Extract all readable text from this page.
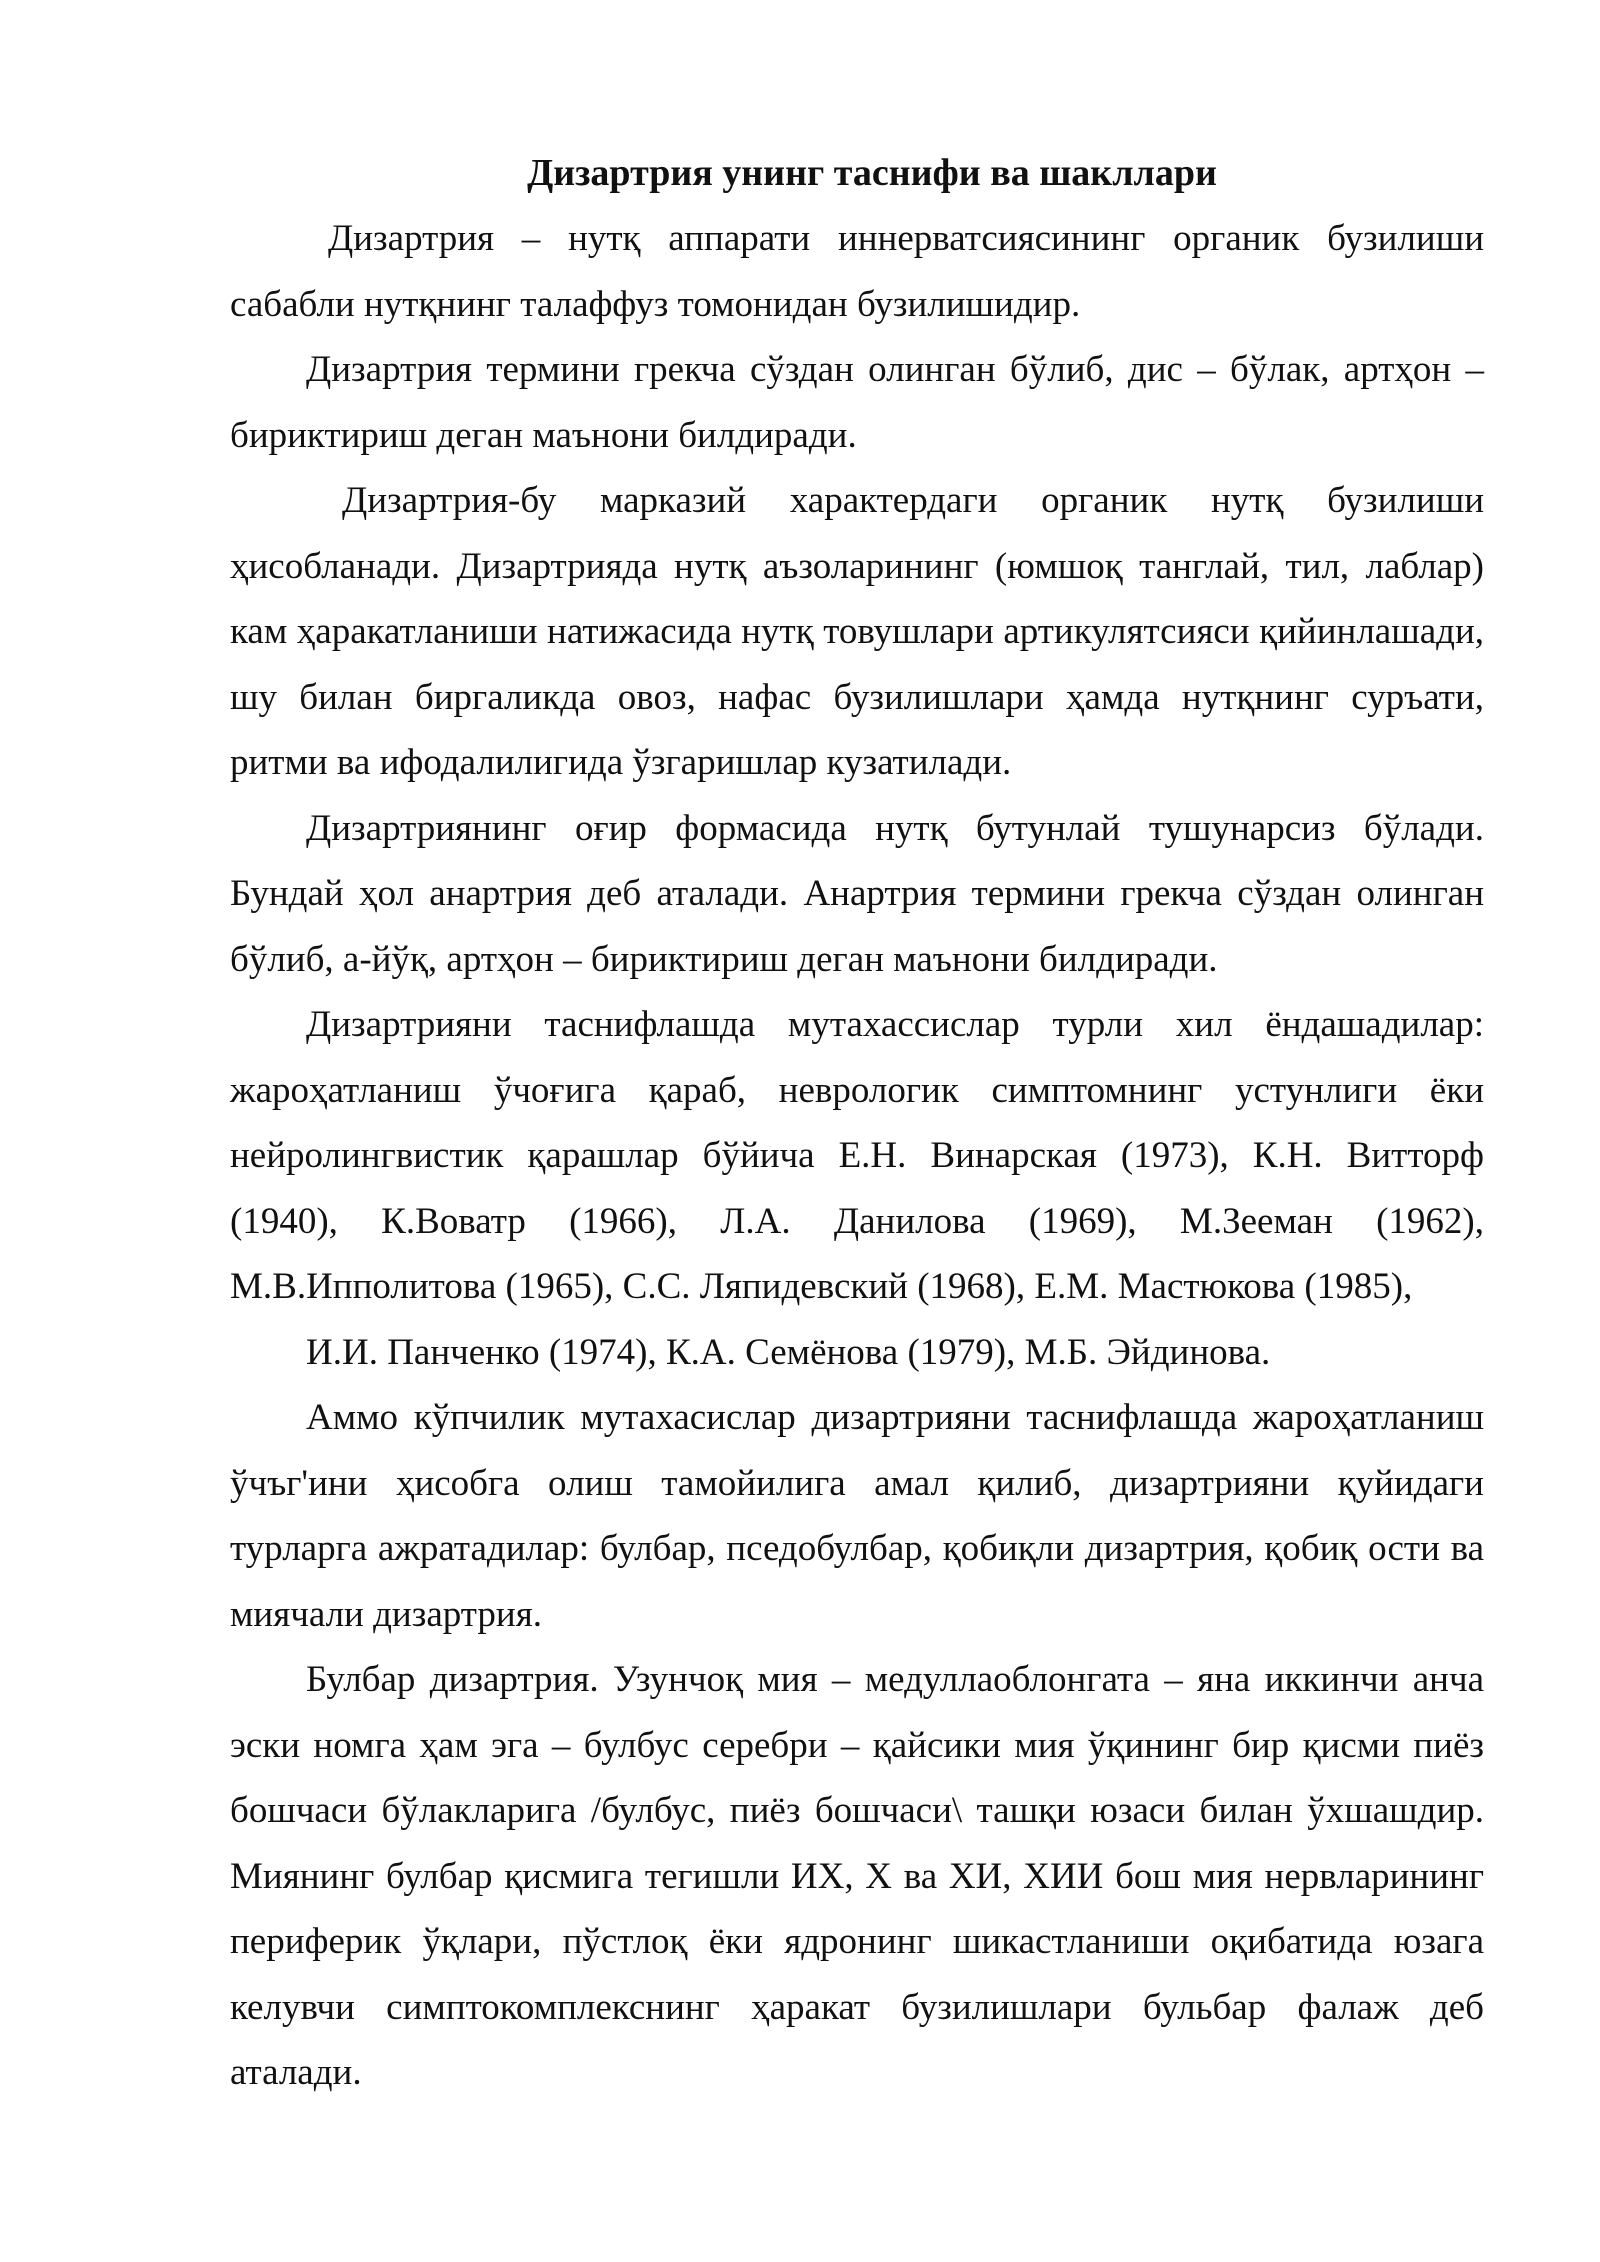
Дизартрия унинг таснифи ва шакллари

Дизартрия – нутқ аппарати иннерватсиясининг органик бузилиши сабабли нутқнинг талаффуз томонидан бузилишидир.

Дизартрия термини грекча сўздан олинган бўлиб, дис – бўлак, артҳон – бириктириш деган маънони билдиради.

Дизартрия-бу марказий характердаги органик нутқ бузилиши ҳисобланади. Дизартрияда нутқ аъзоларининг (юмшоқ танглай, тил, лаблар) кам ҳаракатланиши натижасида нутқ товушлари артикулятсияси қийинлашади, шу билан биргаликда овоз, нафас бузилишлари ҳамда нутқнинг суръати, ритми ва ифодалилигида ўзгаришлар кузатилади.

Дизартриянинг оғир формасида нутқ бутунлай тушунарсиз бўлади. Бундай ҳол анартрия деб аталади. Анартрия термини грекча сўздан олинган бўлиб, а-йўқ, артҳон – бириктириш деган маънони билдиради.

Дизартрияни таснифлашда мутахассислар турли хил ёндашадилар: жароҳатланиш ўчоғига қараб, неврологик симптомнинг устунлиги ёки нейролингвистик қарашлар бўйича Е.Н. Винарская (1973), К.Н. Витторф (1940), К.Воватр (1966), Л.А. Данилова (1969), М.Зееман (1962), М.В.Ипполитова (1965), С.С. Ляпидевский (1968), Е.М. Мастюкова (1985),

И.И. Панченко (1974), К.А. Семёнова (1979), М.Б. Эйдинова.

Аммо кўпчилик мутахасислар дизартрияни таснифлашда жароҳатланиш ўчъг'ини ҳисобга олиш тамойилига амал қилиб, дизартрияни қуйидаги турларга ажратадилар: булбар, пседобулбар, қобиқли дизартрия, қобиқ ости ва миячали дизартрия.

Булбар дизартрия. Узунчоқ мия – медуллаоблонгата – яна иккинчи анча эски номга ҳам эга – булбус серебри – қайсики мия ўқининг бир қисми пиёз бошчаси бўлакларига /булбус, пиёз бошчаси\ ташқи юзаси билан ўхшашдир. Миянинг булбар қисмига тегишли ИХ, Х ва ХИ, ХИИ бош мия нервларининг периферик ўқлари, пўстлоқ ёки ядронинг шикастланиши оқибатида юзага келувчи симптокомплекснинг ҳаракат бузилишлари бульбар фалаж деб аталади.
